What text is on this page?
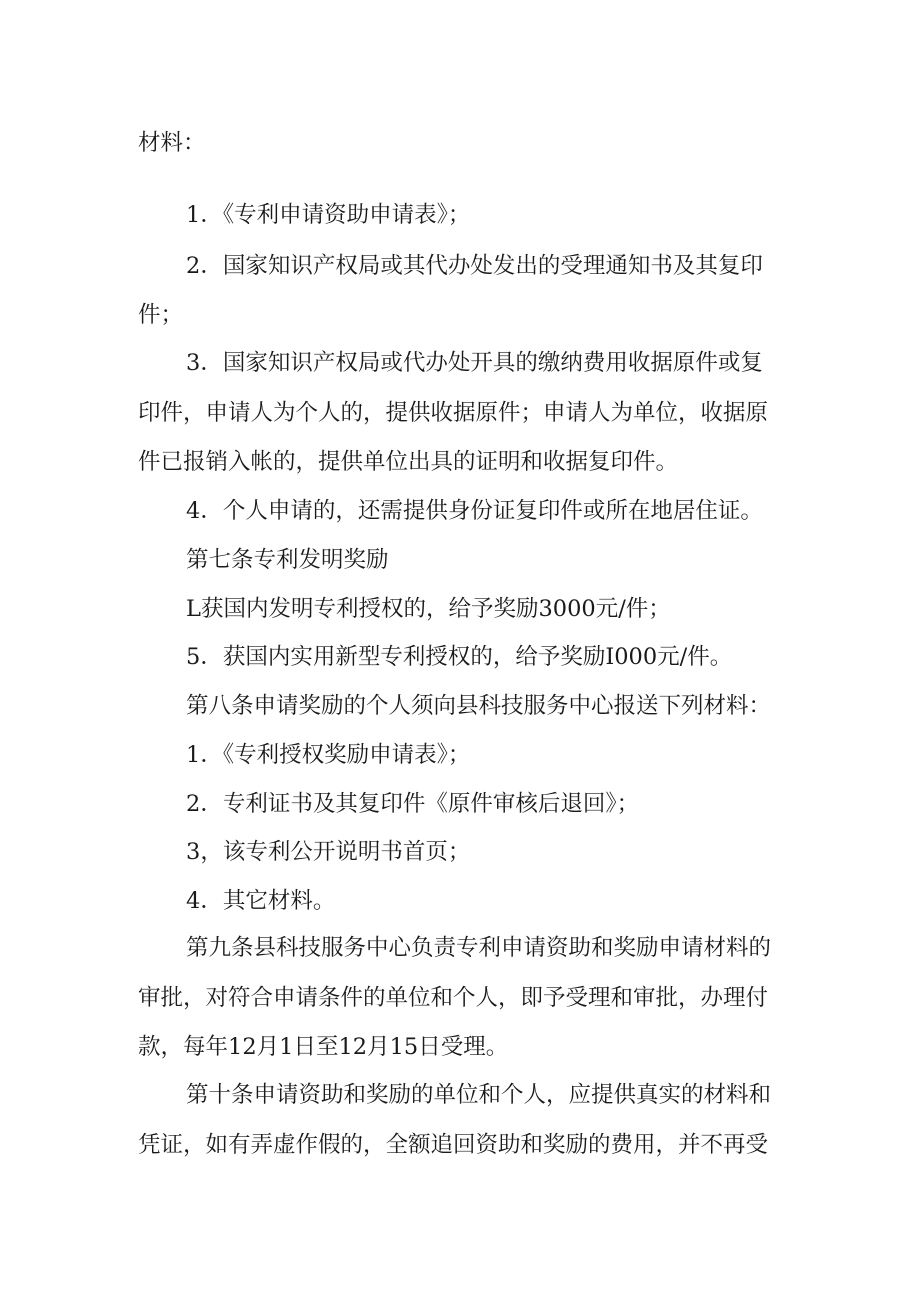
材料：
1．《专利申请资助申请表》；
2．国家知识产权局或其代办处发出的受理通知书及其复印
件；
3．国家知识产权局或代办处开具的缴纳费用收据原件或复
印件，申请人为个人的，提供收据原件；申请人为单位，收据原
件已报销入帐的，提供单位出具的证明和收据复印件。
4．个人申请的，还需提供身份证复印件或所在地居住证。
第七条专利发明奖励
L获国内发明专利授权的，给予奖励3000元/件；
5．获国内实用新型专利授权的，给予奖励I000元/件。
第八条申请奖励的个人须向县科技服务中心报送下列材料：
1．《专利授权奖励申请表》；
2．专利证书及其复印件《原件审核后退回》；
3，该专利公开说明书首页；
4．其它材料。
第九条县科技服务中心负责专利申请资助和奖励申请材料的
审批，对符合申请条件的单位和个人，即予受理和审批，办理付
款，每年12月1日至12月15日受理。
第十条申请资助和奖励的单位和个人，应提供真实的材料和
凭证，如有弄虚作假的，全额追回资助和奖励的费用，并不再受
